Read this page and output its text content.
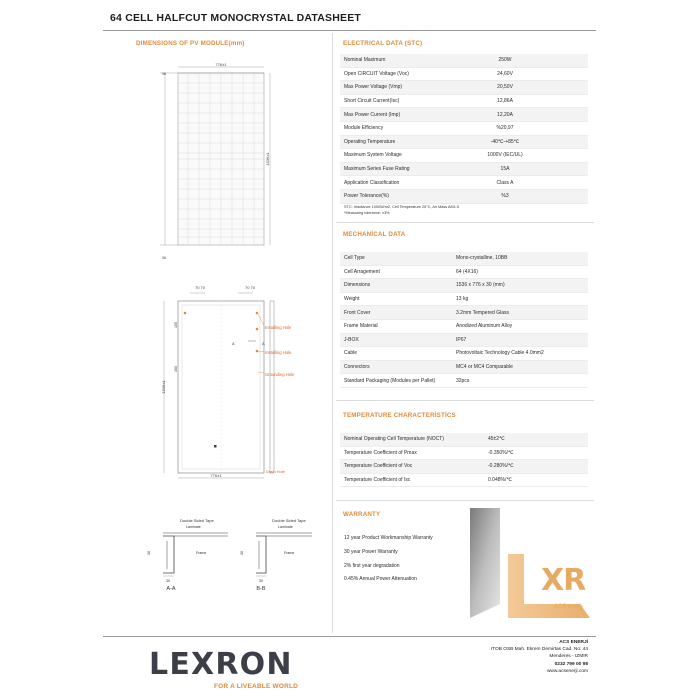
64 CELL HALFCUT MONOCRYSTAL DATASHEET
DIMENSIONS OF PV MODULE(mm)
776±1
36
36
1536±1
70 70	70 70
1536±1
105
350
A	A
Installing Hole
Installing Hole
Grounding Hole
776±1
Drain Hole
Double Sided Tape
Laminate
30	Frame
30
A-A
Double Sided Tape
Laminate
30	Frame
30
B-B
ELECTRICAL DATA (STC)
Nominal Maximum	250W
Open CIRCUIT Voltage (Voc)	24,60V
Max Power Voltage (Vmp)	20,50V
Short Circuit Current(Isc)	12,86A
Max Power Current (Imp)	12,20A
Module Efficiency	%20,97
Operating Temperature	-40℃-+85℃
Maximum System Voltage	1000V (IEC/UL)
Maximum Series Fuse Rating	15A
Application Classification	Class A
Power Tolerance(%)	%3
STC: Irradiance 1000W/m2, Cell Temperature 25°C, Air Mass AM1.5
*Measuring tolerance: ±3%
MECHANİCAL DATA
Cell Type	Mono-crystalline, 10BB
Cell Arragement	64 (4X16)
Dimensions	1536 x 776 x 30 (mm)
Weight	13 kg
Front Cover	3.2mm Tempered Glass
Frame Material	Anodized Aluminum Alloy
J-BOX	IP67
Cable	Photovoltaic Technology Cable 4.0mm2
Connectors	MC4 or MC4 Comparable
Standard Packaging (Modules per Pallet)	32pcs
TEMPERATURE CHARACTERİSTİCS
Nominal Operating Cell Temperature (NOCT)	45±2℃
Temperature Coefficient of Pmax	-0.350%/℃
Temperature Coefficient of Voc	-0.280%/℃
Temperature Coefficient of Isc	0.048%/℃
WARRANTY
12 year Product Workmanship Warranty
30 year Power Warranty
2% first year degradation
0.45% Annual Power Attenuation
ACS enerji
XR
ACS ENERJİ
ITOB OSB Mah. Ekrem Demirtas Cad. No: 44
Menderes - IZMIR
0232 799 00 98
www.acsenerji.com
LEXRON
FOR A LIVEABLE WORLD
